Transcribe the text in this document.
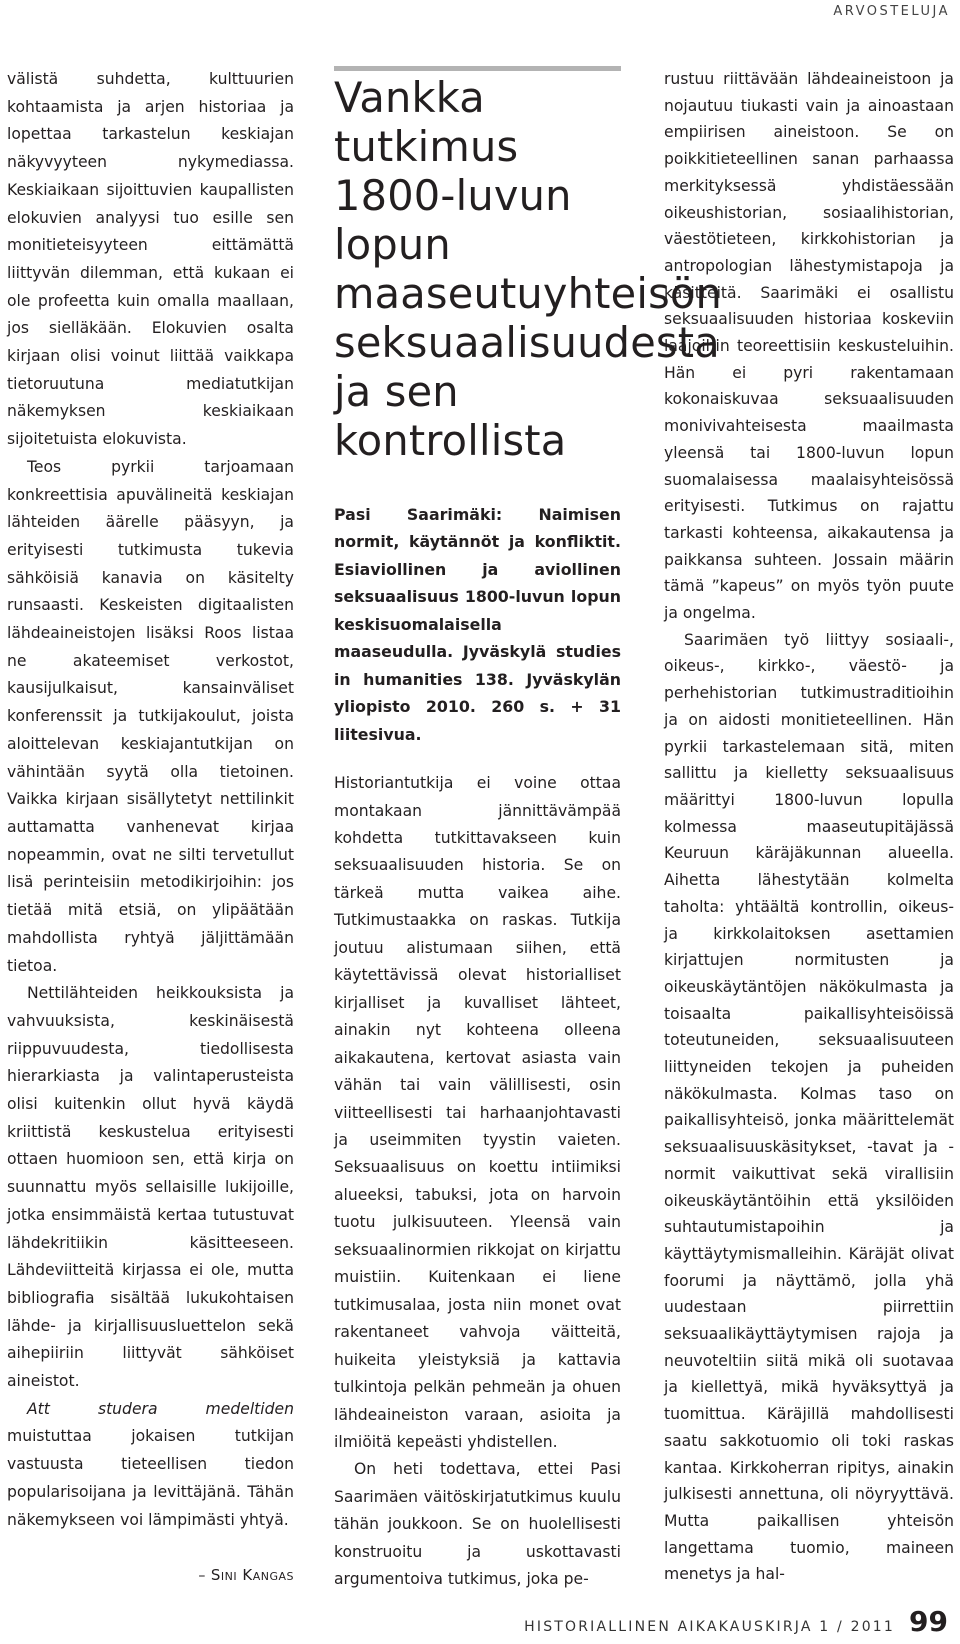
ARVOSTELUJA

välistä suhdetta, kulttuurien kohtaamista ja arjen historiaa ja lopettaa tarkastelun keskiajan näkyvyyteen nykymediassa. Keskiaikaan sijoittuvien kaupallisten elokuvien analyysi tuo esille sen monitieteisyyteen eittämättä liittyvän dilemman, että kukaan ei ole profeetta kuin omalla maallaan, jos sielläkään. Elokuvien osalta kirjaan olisi voinut liittää vaikkapa tietoruutuna mediatutkijan näkemyksen keskiaikaan sijoitetuista elokuvista.

Teos pyrkii tarjoamaan konkreettisia apuvälineitä keskiajan lähteiden äärelle pääsyyn, ja erityisesti tutkimusta tukevia sähköisiä kanavia on käsitelty runsaasti. Keskeisten digitaalisten lähdeaineistojen lisäksi Roos listaa ne akateemiset verkostot, kausijulkaisut, kansainväliset konferenssit ja tutkijakoulut, joista aloittelevan keskiajantutkijan on vähintään syytä olla tietoinen. Vaikka kirjaan sisällytetyt nettilinkit auttamatta vanhenevat kirjaa nopeammin, ovat ne silti tervetullut lisä perinteisiin metodikirjoihin: jos tietää mitä etsiä, on ylipäätään mahdollista ryhtyä jäljittämään tietoa.

Nettilähteiden heikkouksista ja vahvuuksista, keskinäisestä riippuvuudesta, tiedollisesta hierarkiasta ja valintaperusteista olisi kuitenkin ollut hyvä käydä kriittistä keskustelua erityisesti ottaen huomioon sen, että kirja on suunnattu myös sellaisille lukijoille, jotka ensimmäistä kertaa tutustuvat lähdekritiikin käsitteeseen. Lähdeviitteitä kirjassa ei ole, mutta bibliografia sisältää lukukohtaisen lähde- ja kirjallisuusluettelon sekä aihepiiriin liittyvät sähköiset aineistot.

Att studera medeltiden muistuttaa jokaisen tutkijan vastuusta tieteellisen tiedon popularisoijana ja levittäjänä. Tähän näkemykseen voi lämpimästi yhtyä.

– Sini Kangas
Vankka tutkimus 1800-luvun lopun maaseutuyhteisön seksuaalisuudesta ja sen kontrollista

Pasi Saarimäki: Naimisen normit, käytännöt ja konfliktit. Esiaviollinen ja aviollinen seksuaalisuus 1800-luvun lopun keskisuomalaisella maaseudulla. Jyväskylä studies in humanities 138. Jyväskylän yliopisto 2010. 260 s. + 31 liitesivua.

Historiantutkija ei voine ottaa montakaan jännittävämpää kohdetta tutkittavakseen kuin seksuaalisuuden historia. Se on tärkeä mutta vaikea aihe. Tutkimustaakka on raskas. Tutkija joutuu alistumaan siihen, että käytettävissä olevat historialliset kirjalliset ja kuvalliset lähteet, ainakin nyt kohteena olleena aikakautena, kertovat asiasta vain vähän tai vain välillisesti, osin viitteellisesti tai harhaanjohtavasti ja useimmiten tyystin vaieten. Seksuaalisuus on koettu intiimiksi alueeksi, tabuksi, jota on harvoin tuotu julkisuuteen. Yleensä vain seksuaalinormien rikkojat on kirjattu muistiin. Kuitenkaan ei liene tutkimusalaa, josta niin monet ovat rakentaneet vahvoja väitteitä, huikeita yleistyksiä ja kattavia tulkintoja pelkän pehmeän ja ohuen lähdeaineiston varaan, asioita ja ilmiöitä kepeästi yhdistellen.

On heti todettava, ettei Pasi Saarimäen väitöskirjatutkimus kuulu tähän joukkoon. Se on huolellisesti konstruoitu ja uskottavasti argumentoiva tutkimus, joka pe-

rustuu riittävään lähdeaineistoon ja nojautuu tiukasti vain ja ainoastaan empiirisen aineistoon. Se on poikkitieteellinen sanan parhaassa merkityksessä yhdistäessään oikeushistorian, sosiaalihistorian, väestötieteen, kirkkohistorian ja antropologian lähestymistapoja ja käsitteitä. Saarimäki ei osallistu seksuaalisuuden historiaa koskeviin laajoihin teoreettisiin keskusteluihin. Hän ei pyri rakentamaan kokonaiskuvaa seksuaalisuuden monivivahteisesta maailmasta yleensä tai 1800-luvun lopun suomalaisessa maalaisyhteisössä erityisesti. Tutkimus on rajattu tarkasti kohteensa, aikakautensa ja paikkansa suhteen. Jossain määrin tämä ”kapeus” on myös työn puute ja ongelma.

Saarimäen työ liittyy sosiaali-, oikeus-, kirkko-, väestö- ja perhehistorian tutkimustraditioihin ja on aidosti monitieteellinen. Hän pyrkii tarkastelemaan sitä, miten sallittu ja kielletty seksuaalisuus määrittyi 1800-luvun lopulla kolmessa maaseutupitäjässä Keuruun käräjäkunnan alueella. Aihetta lähestytään kolmelta taholta: yhtäältä kontrollin, oikeus- ja kirkkolaitoksen asettamien kirjattujen normitusten ja oikeuskäytäntöjen näkökulmasta ja toisaalta paikallisyhteisöissä toteutuneiden, seksuaalisuuteen liittyneiden tekojen ja puheiden näkökulmasta. Kolmas taso on paikallisyhteisö, jonka määrittelemät seksuaalisuuskäsitykset, -tavat ja -normit vaikuttivat sekä virallisiin oikeuskäytäntöihin että yksilöiden suhtautumistapoihin ja käyttäytymismalleihin. Käräjät olivat foorumi ja näyttämö, jolla yhä uudestaan piirrettiin seksuaalikäyttäytymisen rajoja ja neuvoteltiin siitä mikä oli suotavaa ja kiellettyä, mikä hyväksyttyä ja tuomittua. Käräjillä mahdollisesti saatu sakkotuomio oli toki raskas kantaa. Kirkkoherran ripitys, ainakin julkisesti annettuna, oli nöyryyttävä. Mutta paikallisen yhteisön langettama tuomio, maineen menetys ja hal-

HISTORIALLINEN AIKAKAUSKIRJA 1 / 2011 99
